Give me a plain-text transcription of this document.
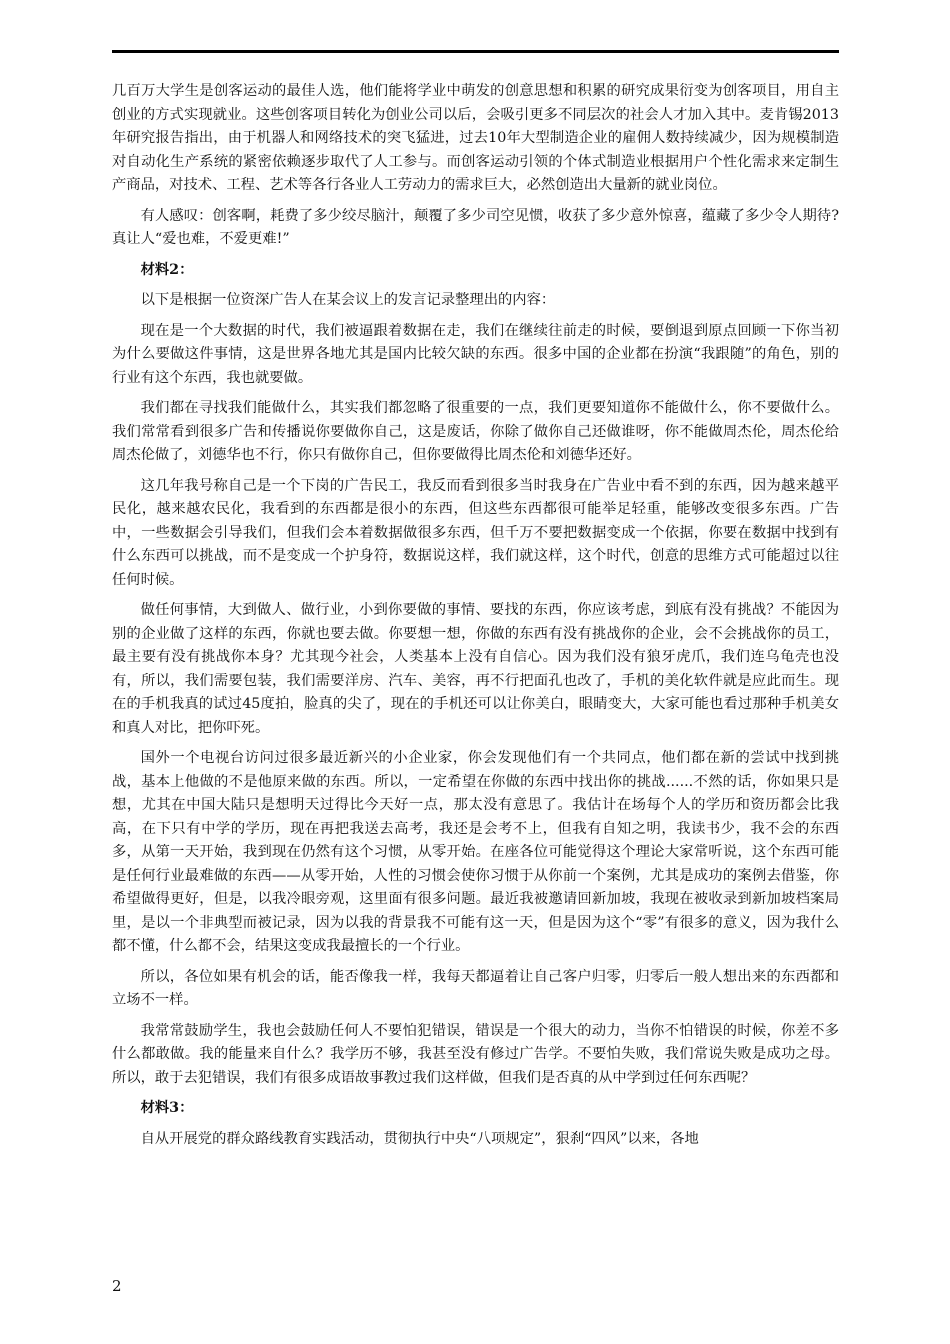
几百万大学生是创客运动的最佳人选，他们能将学业中萌发的创意思想和积累的研究成果衍变为创客项目，用自主创业的方式实现就业。这些创客项目转化为创业公司以后，会吸引更多不同层次的社会人才加入其中。麦肯锡2013年研究报告指出，由于机器人和网络技术的突飞猛进，过去10年大型制造企业的雇佣人数持续减少，因为规模制造对自动化生产系统的紧密依赖逐步取代了人工参与。而创客运动引领的个体式制造业根据用户个性化需求来定制生产商品，对技术、工程、艺术等各行各业人工劳动力的需求巨大，必然创造出大量新的就业岗位。

有人感叹：创客啊，耗费了多少绞尽脑汁，颠覆了多少司空见惯，收获了多少意外惊喜，蕴藏了多少令人期待?真让人“爱也难，不爱更难!”

材料2：

以下是根据一位资深广告人在某会议上的发言记录整理出的内容：

现在是一个大数据的时代，我们被逼跟着数据在走，我们在继续往前走的时候，要倒退到原点回顾一下你当初为什么要做这件事情，这是世界各地尤其是国内比较欠缺的东西。很多中国的企业都在扮演“我跟随”的角色，别的行业有这个东西，我也就要做。

我们都在寻找我们能做什么，其实我们都忽略了很重要的一点，我们更要知道你不能做什么，你不要做什么。我们常常看到很多广告和传播说你要做你自己，这是废话，你除了做你自己还做谁呀，你不能做周杰伦，周杰伦给周杰伦做了，刘德华也不行，你只有做你自己，但你要做得比周杰伦和刘德华还好。

这几年我号称自己是一个下岗的广告民工，我反而看到很多当时我身在广告业中看不到的东西，因为越来越平民化，越来越农民化，我看到的东西都是很小的东西，但这些东西都很可能举足轻重，能够改变很多东西。广告中，一些数据会引导我们，但我们会本着数据做很多东西，但千万不要把数据变成一个依据，你要在数据中找到有什么东西可以挑战，而不是变成一个护身符，数据说这样，我们就这样，这个时代，创意的思维方式可能超过以往任何时候。

做任何事情，大到做人、做行业，小到你要做的事情、要找的东西，你应该考虑，到底有没有挑战？不能因为别的企业做了这样的东西，你就也要去做。你要想一想，你做的东西有没有挑战你的企业，会不会挑战你的员工，最主要有没有挑战你本身？尤其现今社会，人类基本上没有自信心。因为我们没有狼牙虎爪，我们连乌龟壳也没有，所以，我们需要包装，我们需要洋房、汽车、美容，再不行把面孔也改了，手机的美化软件就是应此而生。现在的手机我真的试过45度拍，脸真的尖了，现在的手机还可以让你美白，眼睛变大，大家可能也看过那种手机美女和真人对比，把你吓死。

国外一个电视台访问过很多最近新兴的小企业家，你会发现他们有一个共同点，他们都在新的尝试中找到挑战，基本上他做的不是他原来做的东西。所以，一定希望在你做的东西中找出你的挑战......不然的话，你如果只是想，尤其在中国大陆只是想明天过得比今天好一点，那太没有意思了。我估计在场每个人的学历和资历都会比我高，在下只有中学的学历，现在再把我送去高考，我还是会考不上，但我有自知之明，我读书少，我不会的东西多，从第一天开始，我到现在仍然有这个习惯，从零开始。在座各位可能觉得这个理论大家常听说，这个东西可能是任何行业最难做的东西——从零开始，人性的习惯会使你习惯于从你前一个案例，尤其是成功的案例去借鉴，你希望做得更好，但是，以我冷眼旁观，这里面有很多问题。最近我被邀请回新加坡，我现在被收录到新加坡档案局里，是以一个非典型而被记录，因为以我的背景我不可能有这一天，但是因为这个“零”有很多的意义，因为我什么都不懂，什么都不会，结果这变成我最擅长的一个行业。

所以，各位如果有机会的话，能否像我一样，我每天都逼着让自己客户归零，归零后一般人想出来的东西都和立场不一样。

我常常鼓励学生，我也会鼓励任何人不要怕犯错误，错误是一个很大的动力，当你不怕错误的时候，你差不多什么都敢做。我的能量来自什么？我学历不够，我甚至没有修过广告学。不要怕失败，我们常说失败是成功之母。所以，敢于去犯错误，我们有很多成语故事教过我们这样做，但我们是否真的从中学到过任何东西呢？

材料3：

自从开展党的群众路线教育实践活动，贯彻执行中央“八项规定”，狠刹“四风”以来，各地

2
